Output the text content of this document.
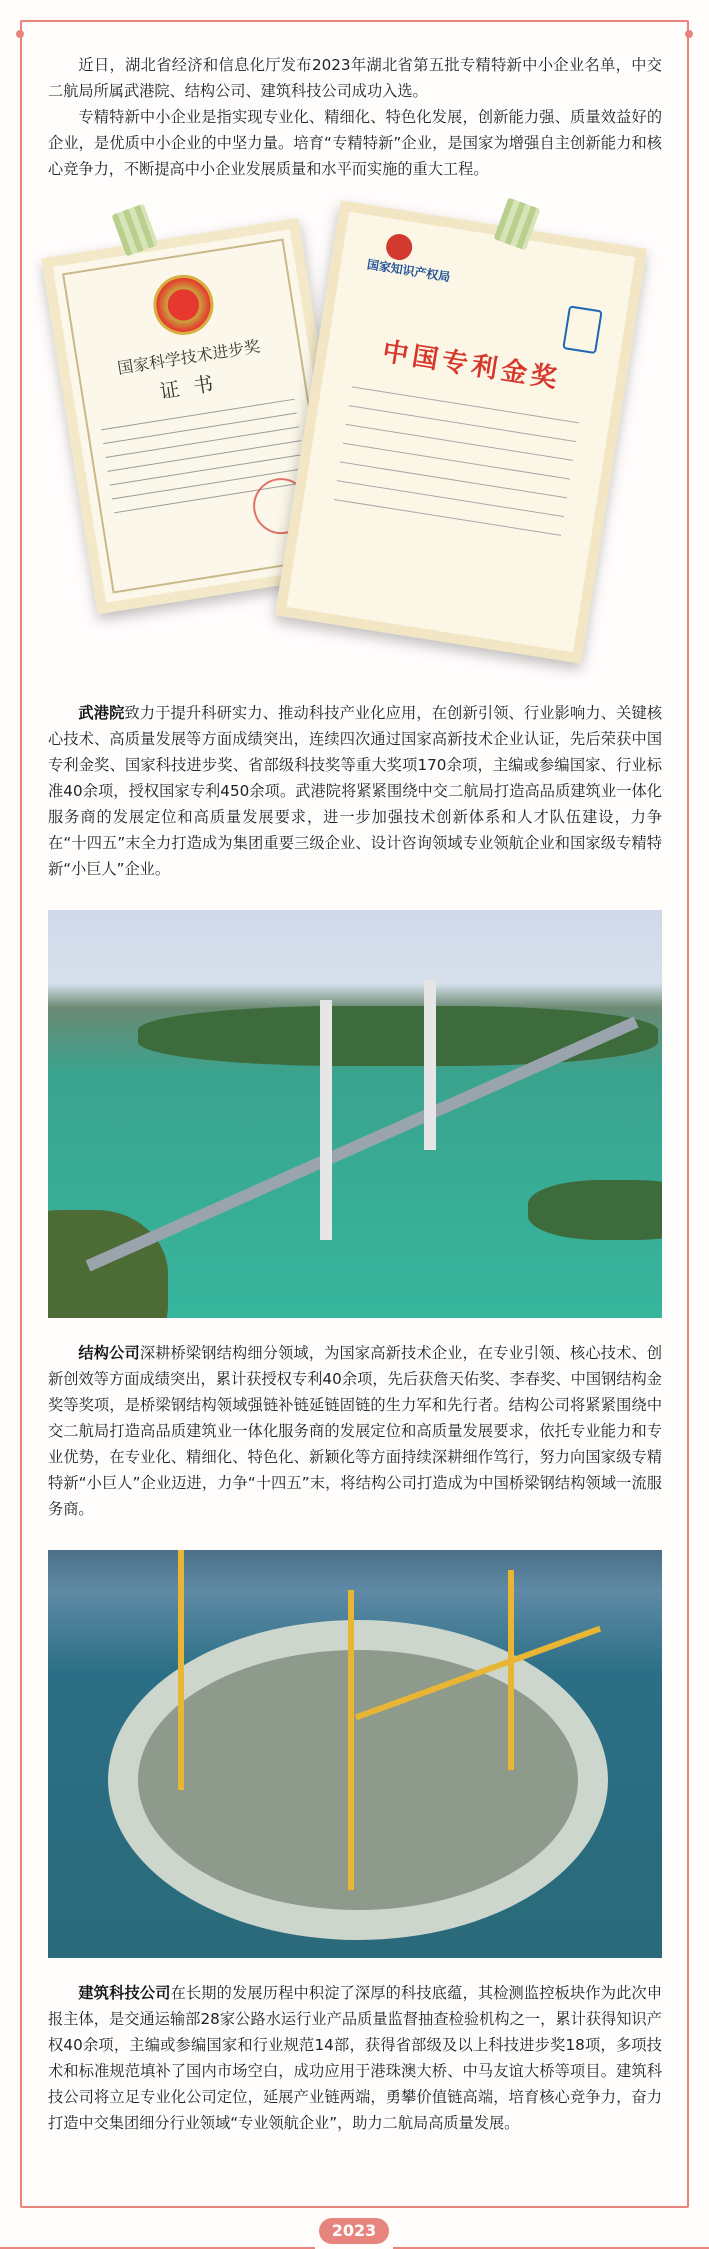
近日，湖北省经济和信息化厅发布2023年湖北省第五批专精特新中小企业名单，中交二航局所属武港院、结构公司、建筑科技公司成功入选。

专精特新中小企业是指实现专业化、精细化、特色化发展，创新能力强、质量效益好的企业，是优质中小企业的中坚力量。培育“专精特新”企业，是国家为增强自主创新能力和核心竞争力，不断提高中小企业发展质量和水平而实施的重大工程。

国家科学技术进步奖
证书
国家知识产权局
中国专利金奖

武港院致力于提升科研实力、推动科技产业化应用，在创新引领、行业影响力、关键核心技术、高质量发展等方面成绩突出，连续四次通过国家高新技术企业认证，先后荣获中国专利金奖、国家科技进步奖、省部级科技奖等重大奖项170余项，主编或参编国家、行业标准40余项，授权国家专利450余项。武港院将紧紧围绕中交二航局打造高品质建筑业一体化服务商的发展定位和高质量发展要求，进一步加强技术创新体系和人才队伍建设，力争在“十四五”末全力打造成为集团重要三级企业、设计咨询领域专业领航企业和国家级专精特新“小巨人”企业。

结构公司深耕桥梁钢结构细分领域，为国家高新技术企业，在专业引领、核心技术、创新创效等方面成绩突出，累计获授权专利40余项，先后获詹天佑奖、李春奖、中国钢结构金奖等奖项，是桥梁钢结构领域强链补链延链固链的生力军和先行者。结构公司将紧紧围绕中交二航局打造高品质建筑业一体化服务商的发展定位和高质量发展要求，依托专业能力和专业优势，在专业化、精细化、特色化、新颖化等方面持续深耕细作笃行，努力向国家级专精特新“小巨人”企业迈进，力争“十四五”末，将结构公司打造成为中国桥梁钢结构领域一流服务商。

建筑科技公司在长期的发展历程中积淀了深厚的科技底蕴，其检测监控板块作为此次申报主体，是交通运输部28家公路水运行业产品质量监督抽查检验机构之一，累计获得知识产权40余项，主编或参编国家和行业规范14部，获得省部级及以上科技进步奖18项，多项技术和标准规范填补了国内市场空白，成功应用于港珠澳大桥、中马友谊大桥等项目。建筑科技公司将立足专业化公司定位，延展产业链两端，勇攀价值链高端，培育核心竞争力，奋力打造中交集团细分行业领域“专业领航企业”，助力二航局高质量发展。

2023
